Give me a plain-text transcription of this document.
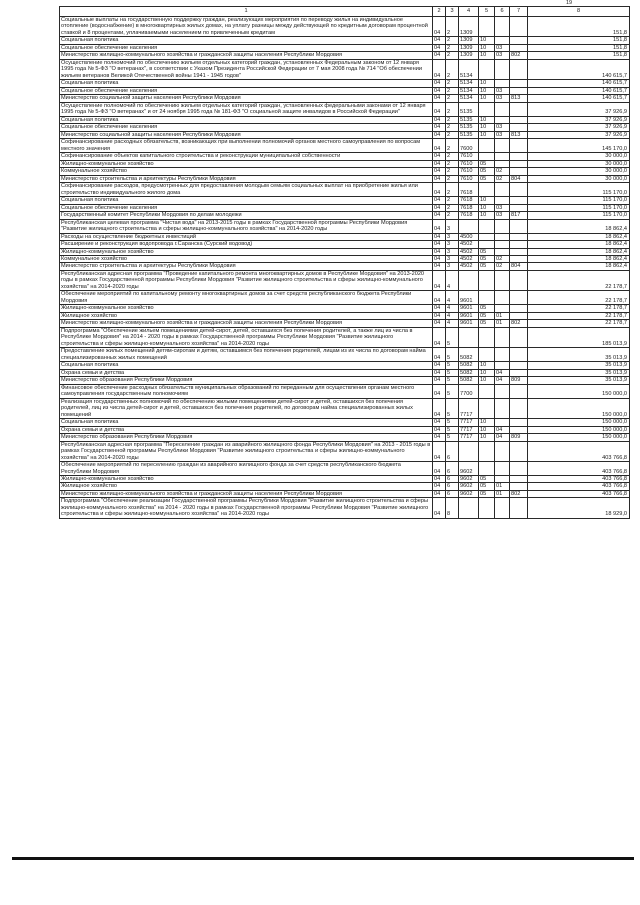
19
1	2	3	4	5	6	7	8
Социальные выплаты на государственную поддержку граждан, реализующих мероприятия по переводу жилья на индивидуальное отопление (водоснабжение) в многоквартирных жилых домах, на уплату разницы между действующей по кредитным договорам процентной ставкой и 8 процентами, уплачиваемыми населением по привлеченным кредитам	04	2	1309				151,8
Социальная политика	04	2	1309	10			151,8
Социальное обеспечение населения	04	2	1309	10	03		151,8
Министерство жилищно-коммунального хозяйства и гражданской защиты населения Республики Мордовия	04	2	1309	10	03	802	151,8
Осуществление полномочий по обеспечению жильем отдельных категорий граждан, установленных Федеральным законом от 12 января 1995 года № 5-ФЗ "О ветеранах", в соответствии с Указом Президента Российской Федерации от 7 мая 2008 года № 714 "Об обеспечении жильем ветеранов Великой Отечественной войны 1941 - 1945 годов"	04	2	5134				140 615,7
Социальная политика	04	2	5134	10			140 615,7
Социальное обеспечение населения	04	2	5134	10	03		140 615,7
Министерство социальной защиты населения Республики Мордовия	04	2	5134	10	03	813	140 615,7
Осуществление полномочий по обеспечению жильем отдельных категорий граждан, установленных федеральными законами от 12 января 1995 года № 5-ФЗ "О ветеранах" и от 24 ноября 1995 года № 181-ФЗ "О социальной защите инвалидов в Российской Федерации"	04	2	5135				37 926,9
Социальная политика	04	2	5135	10			37 926,9
Социальное обеспечение населения	04	2	5135	10	03		37 926,9
Министерство социальной защиты населения Республики Мордовия	04	2	5135	10	03	813	37 926,9
Софинансирование расходных обязательств, возникающих при выполнении полномочий органов местного самоуправления по вопросам местного значения	04	2	7600				145 170,0
Софинансирование объектов капитального строительства и реконструкции муниципальной собственности	04	2	7610				30 000,0
Жилищно-коммунальное хозяйство	04	2	7610	05			30 000,0
Коммунальное хозяйство	04	2	7610	05	02		30 000,0
Министерство строительства и архитектуры Республики Мордовия	04	2	7610	05	02	804	30 000,0
Софинансирование расходов, предусмотренных для предоставления молодым семьям социальных выплат на приобретение жилья или строительство индивидуального жилого дома	04	2	7618				115 170,0
Социальная политика	04	2	7618	10			115 170,0
Социальное обеспечение населения	04	2	7618	10	03		115 170,0
Государственный комитет Республики Мордовия по делам молодежи	04	2	7618	10	03	817	115 170,0
Республиканская целевая программа "Чистая вода" на 2013-2015 годы в рамках Государственной программы Республики Мордовия "Развитие жилищного строительства и сферы жилищно-коммунального хозяйства" на 2014-2020 годы	04	3					18 862,4
Расходы на осуществление бюджетных инвестиций	04	3	4500				18 862,4
Расширение и реконструкция водопровода г.Саранска (Сурский водовод)	04	3	4502				18 862,4
Жилищно-коммунальное хозяйство	04	3	4502	05			18 862,4
Коммунальное хозяйство	04	3	4502	05	02		18 862,4
Министерство строительства и архитектуры Республики Мордовия	04	3	4502	05	02	804	18 862,4
Республиканская адресная программа "Проведение капитального ремонта многоквартирных домов в Республике Мордовия" на 2013-2020 годы в рамках Государственной программы Республики Мордовия "Развитие жилищного строительства и сферы жилищно-коммунального хозяйства" на 2014-2020 годы	04	4					22 178,7
Обеспечение мероприятий по капитальному ремонту многоквартирных домов за счет средств республиканского бюджета Республики Мордовия	04	4	9601				22 178,7
Жилищно-коммунальное хозяйство	04	4	9601	05			22 178,7
Жилищное хозяйство	04	4	9601	05	01		22 178,7
Министерство жилищно-коммунального хозяйства и гражданской защиты населения Республики Мордовия	04	4	9601	05	01	802	22 178,7
Подпрограмма "Обеспечение жильем помещениями детей-сирот, детей, оставшихся без попечения родителей, а также лиц из числа в Республике Мордовия" на 2014 - 2020 годы в рамках Государственной программы Республики Мордовия "Развитие жилищного строительства и сферы жилищно-коммунального хозяйства" на 2014-2020 годы	04	5					185 013,9
Предоставление жилых помещений детям-сиротам и детям, оставшимся без попечения родителей, лицам из их числа по договорам найма специализированных жилых помещений	04	5	5082				35 013,9
Социальная политика	04	5	5082	10			35 013,9
Охрана семьи и детства	04	5	5082	10	04		35 013,9
Министерство образования Республики Мордовия	04	5	5082	10	04	809	35 013,9
Финансовое обеспечение расходных обязательств муниципальных образований по переданным для осуществления органам местного самоуправления государственным полномочиям	04	5	7700				150 000,0
Реализация государственных полномочий по обеспечению жилыми помещениями детей-сирот и детей, оставшихся без попечения родителей, лиц из числа детей-сирот и детей, оставшихся без попечения родителей, по договорам найма специализированных жилых помещений	04	5	7717				150 000,0
Социальная политика	04	5	7717	10			150 000,0
Охрана семьи и детства	04	5	7717	10	04		150 000,0
Министерство образования Республики Мордовия	04	5	7717	10	04	809	150 000,0
Республиканская адресная программа "Переселение граждан из аварийного жилищного фонда Республики Мордовия" на 2013 - 2015 годы в рамках Государственной программы Республики Мордовия "Развитие жилищного строительства и сферы жилищно-коммунального хозяйства" на 2014-2020 годы	04	6					403 766,8
Обеспечение мероприятий по переселению граждан из аварийного жилищного фонда за счет средств республиканского бюджета Республики Мордовия	04	6	9602				403 766,8
Жилищно-коммунальное хозяйство	04	6	9602	05			403 766,8
Жилищное хозяйство	04	6	9602	05	01		403 766,8
Министерство жилищно-коммунального хозяйства и гражданской защиты населения Республики Мордовия	04	6	9602	05	01	802	403 766,8
Подпрограмма "Обеспечение реализации Государственной программы Республики Мордовия "Развитие жилищного строительства и сферы жилищно-коммунального хозяйства" на 2014 - 2020 годы в рамках Государственной программы Республики Мордовия "Развитие жилищного строительства и сферы жилищно-коммунального хозяйства" на 2014-2020 годы	04	8					18 929,0
